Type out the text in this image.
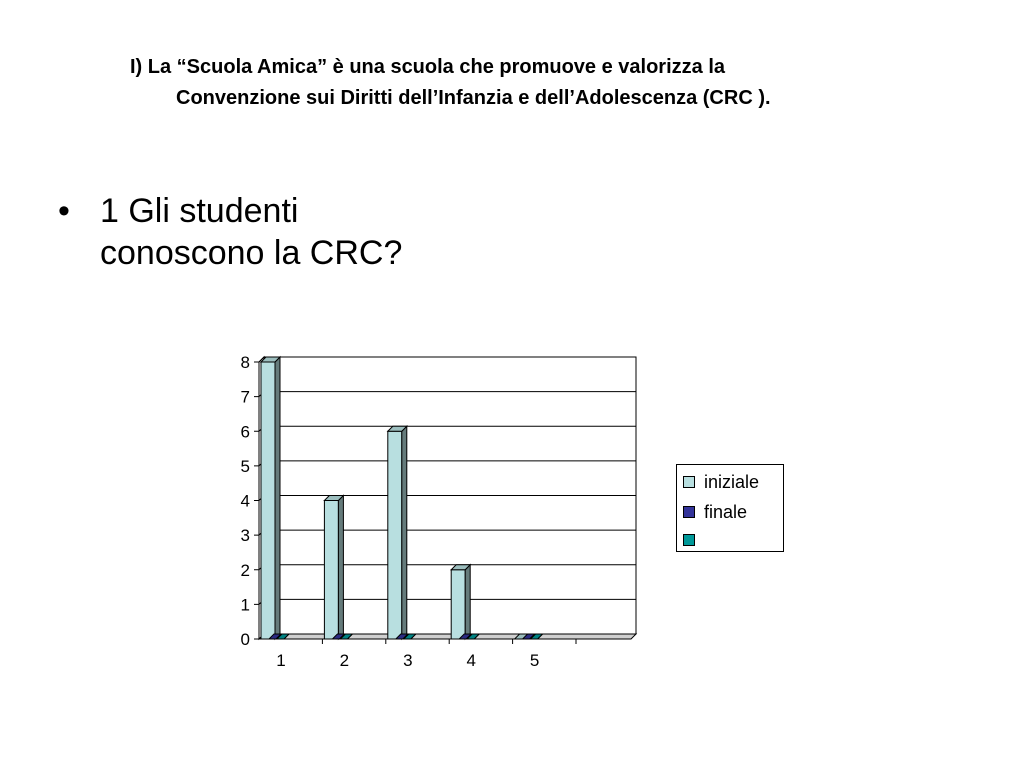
I) La “Scuola Amica” è una scuola che promuove e valorizza la
Convenzione sui Diritti dell’Infanzia e dell’Adolescenza (CRC ).
• 1 Gli studenti
conoscono la CRC?
0
1
2
3
4
5
6
7
8
1	2	3	4	5
iniziale
finale
